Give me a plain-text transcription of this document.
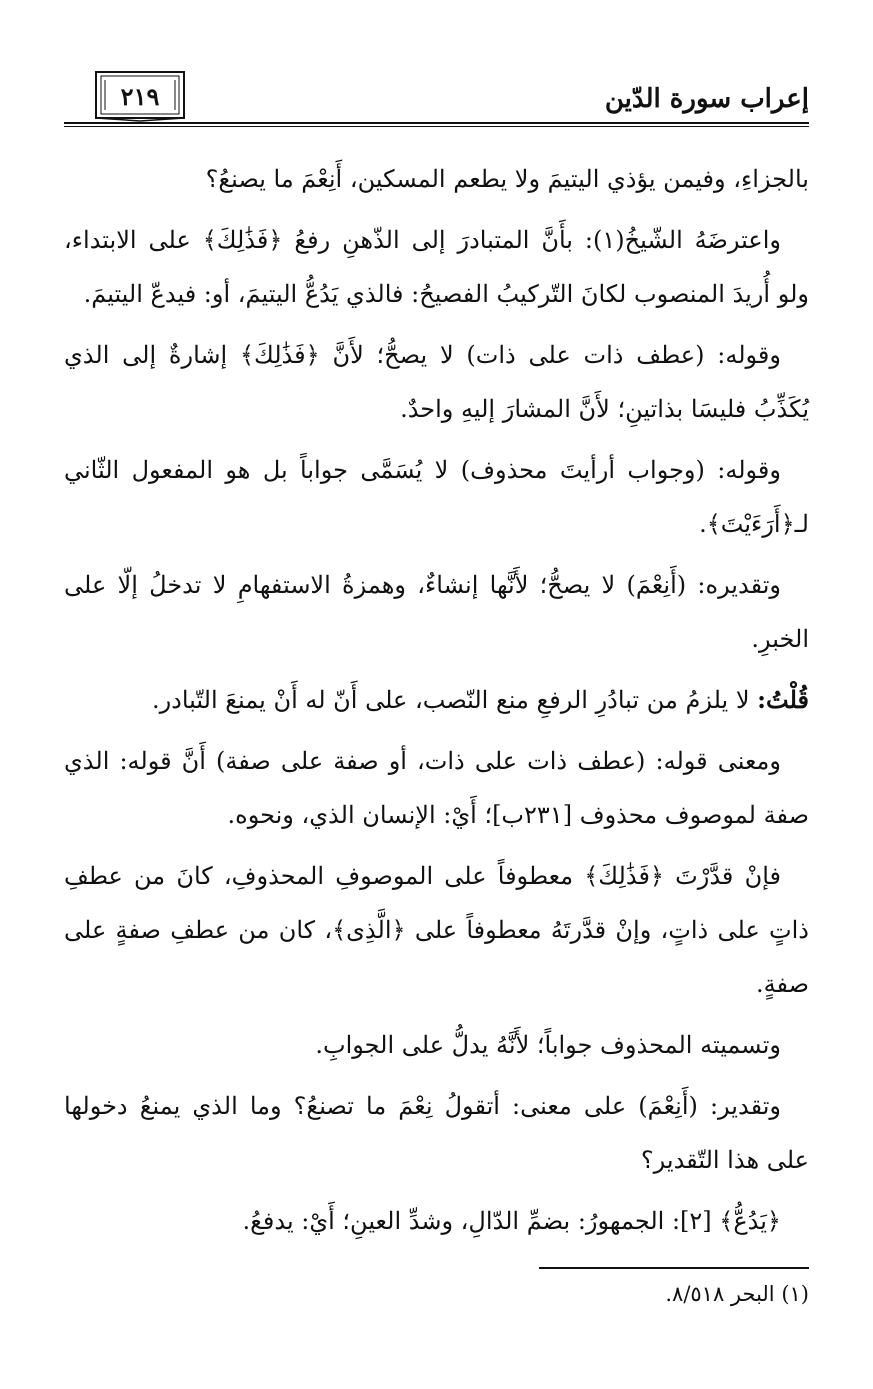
إعراب سورة الدّين
٢١٩

بالجزاءِ، وفيمن يؤذي اليتيمَ ولا يطعم المسكين، أَنِعْمَ ما يصنعُ؟

واعترضَهُ الشّيخُ(١): بأَنَّ المتبادرَ إلى الذّهنِ رفعُ ﴿فَذَٰلِكَ﴾ على الابتداء، ولو أُريدَ المنصوب لكانَ التّركيبُ الفصيحُ: فالذي يَدُعُّ اليتيمَ، أو: فيدعّ اليتيمَ.

وقوله: (عطف ذات على ذات) لا يصحُّ؛ لأَنَّ ﴿فَذَٰلِكَ﴾ إشارةٌ إلى الذي يُكَذِّبُ فليسَا بذاتينِ؛ لأَنَّ المشارَ إليهِ واحدٌ.

وقوله: (وجواب أرأيتَ محذوف) لا يُسَمَّى جواباً بل هو المفعول الثّاني لـ﴿أَرَءَيْتَ﴾.

وتقديره: (أَنِعْمَ) لا يصحُّ؛ لأَنَّها إنشاءٌ، وهمزةُ الاستفهامِ لا تدخلُ إلّا على الخبرِ.

قُلْتُ: لا يلزمُ من تبادُرِ الرفعِ منع النّصب، على أَنّ له أَنْ يمنعَ التّبادر.

ومعنى قوله: (عطف ذات على ذات، أو صفة على صفة) أَنَّ قوله: الذي صفة لموصوف محذوف [٢٣١ب]؛ أَيْ: الإنسان الذي، ونحوه.

فإنْ قدَّرْتَ ﴿فَذَٰلِكَ﴾ معطوفاً على الموصوفِ المحذوفِ، كانَ من عطفِ ذاتٍ على ذاتٍ، وإنْ قدَّرتَهُ معطوفاً على ﴿الَّذِى﴾، كان من عطفِ صفةٍ على صفةٍ.

وتسميته المحذوف جواباً؛ لأَنَّهُ يدلُّ على الجوابِ.

وتقدير: (أَنِعْمَ) على معنى: أتقولُ نِعْمَ ما تصنعُ؟ وما الذي يمنعُ دخولها على هذا التّقدير؟

﴿يَدُعُّ﴾ [٢]: الجمهورُ: بضمِّ الدّالِ، وشدِّ العينِ؛ أَيْ: يدفعُ.

(١) البحر ٨/٥١٨.
